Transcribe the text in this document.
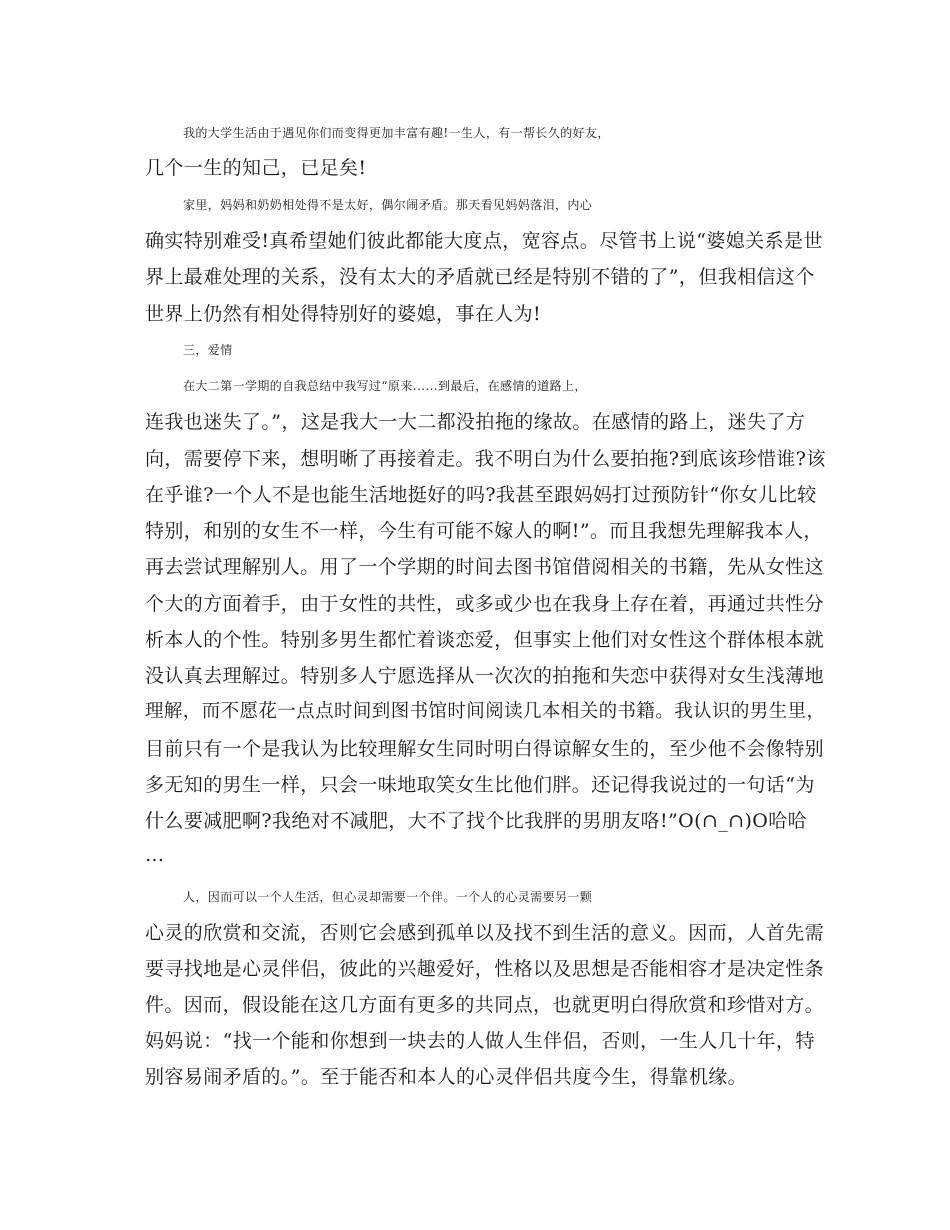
我的大学生活由于遇见你们而变得更加丰富有趣!一生人，有一帮长久的好友，
几个一生的知己，已足矣!
家里，妈妈和奶奶相处得不是太好，偶尔闹矛盾。那天看见妈妈落泪，内心
确实特别难受!真希望她们彼此都能大度点，宽容点。尽管书上说“婆媳关系是世
界上最难处理的关系，没有太大的矛盾就已经是特别不错的了”，但我相信这个
世界上仍然有相处得特别好的婆媳，事在人为!
三，爱情
在大二第一学期的自我总结中我写过“原来......到最后，在感情的道路上，
连我也迷失了。”，这是我大一大二都没拍拖的缘故。在感情的路上，迷失了方
向，需要停下来，想明晰了再接着走。我不明白为什么要拍拖?到底该珍惜谁?该
在乎谁?一个人不是也能生活地挺好的吗?我甚至跟妈妈打过预防针“你女儿比较
特别，和别的女生不一样，今生有可能不嫁人的啊!”。而且我想先理解我本人，
再去尝试理解别人。用了一个学期的时间去图书馆借阅相关的书籍，先从女性这
个大的方面着手，由于女性的共性，或多或少也在我身上存在着，再通过共性分
析本人的个性。特别多男生都忙着谈恋爱，但事实上他们对女性这个群体根本就
没认真去理解过。特别多人宁愿选择从一次次的拍拖和失恋中获得对女生浅薄地
理解，而不愿花一点点时间到图书馆时间阅读几本相关的书籍。我认识的男生里，
目前只有一个是我认为比较理解女生同时明白得谅解女生的，至少他不会像特别
多无知的男生一样，只会一味地取笑女生比他们胖。还记得我说过的一句话“为
什么要减肥啊?我绝对不减肥，大不了找个比我胖的男朋友咯!”O(∩_∩)O哈哈
…
人，因而可以一个人生活，但心灵却需要一个伴。一个人的心灵需要另一颗
心灵的欣赏和交流，否则它会感到孤单以及找不到生活的意义。因而，人首先需
要寻找地是心灵伴侣，彼此的兴趣爱好，性格以及思想是否能相容才是决定性条
件。因而，假设能在这几方面有更多的共同点，也就更明白得欣赏和珍惜对方。
妈妈说：“找一个能和你想到一块去的人做人生伴侣，否则，一生人几十年，特
别容易闹矛盾的。”。至于能否和本人的心灵伴侣共度今生，得靠机缘。
